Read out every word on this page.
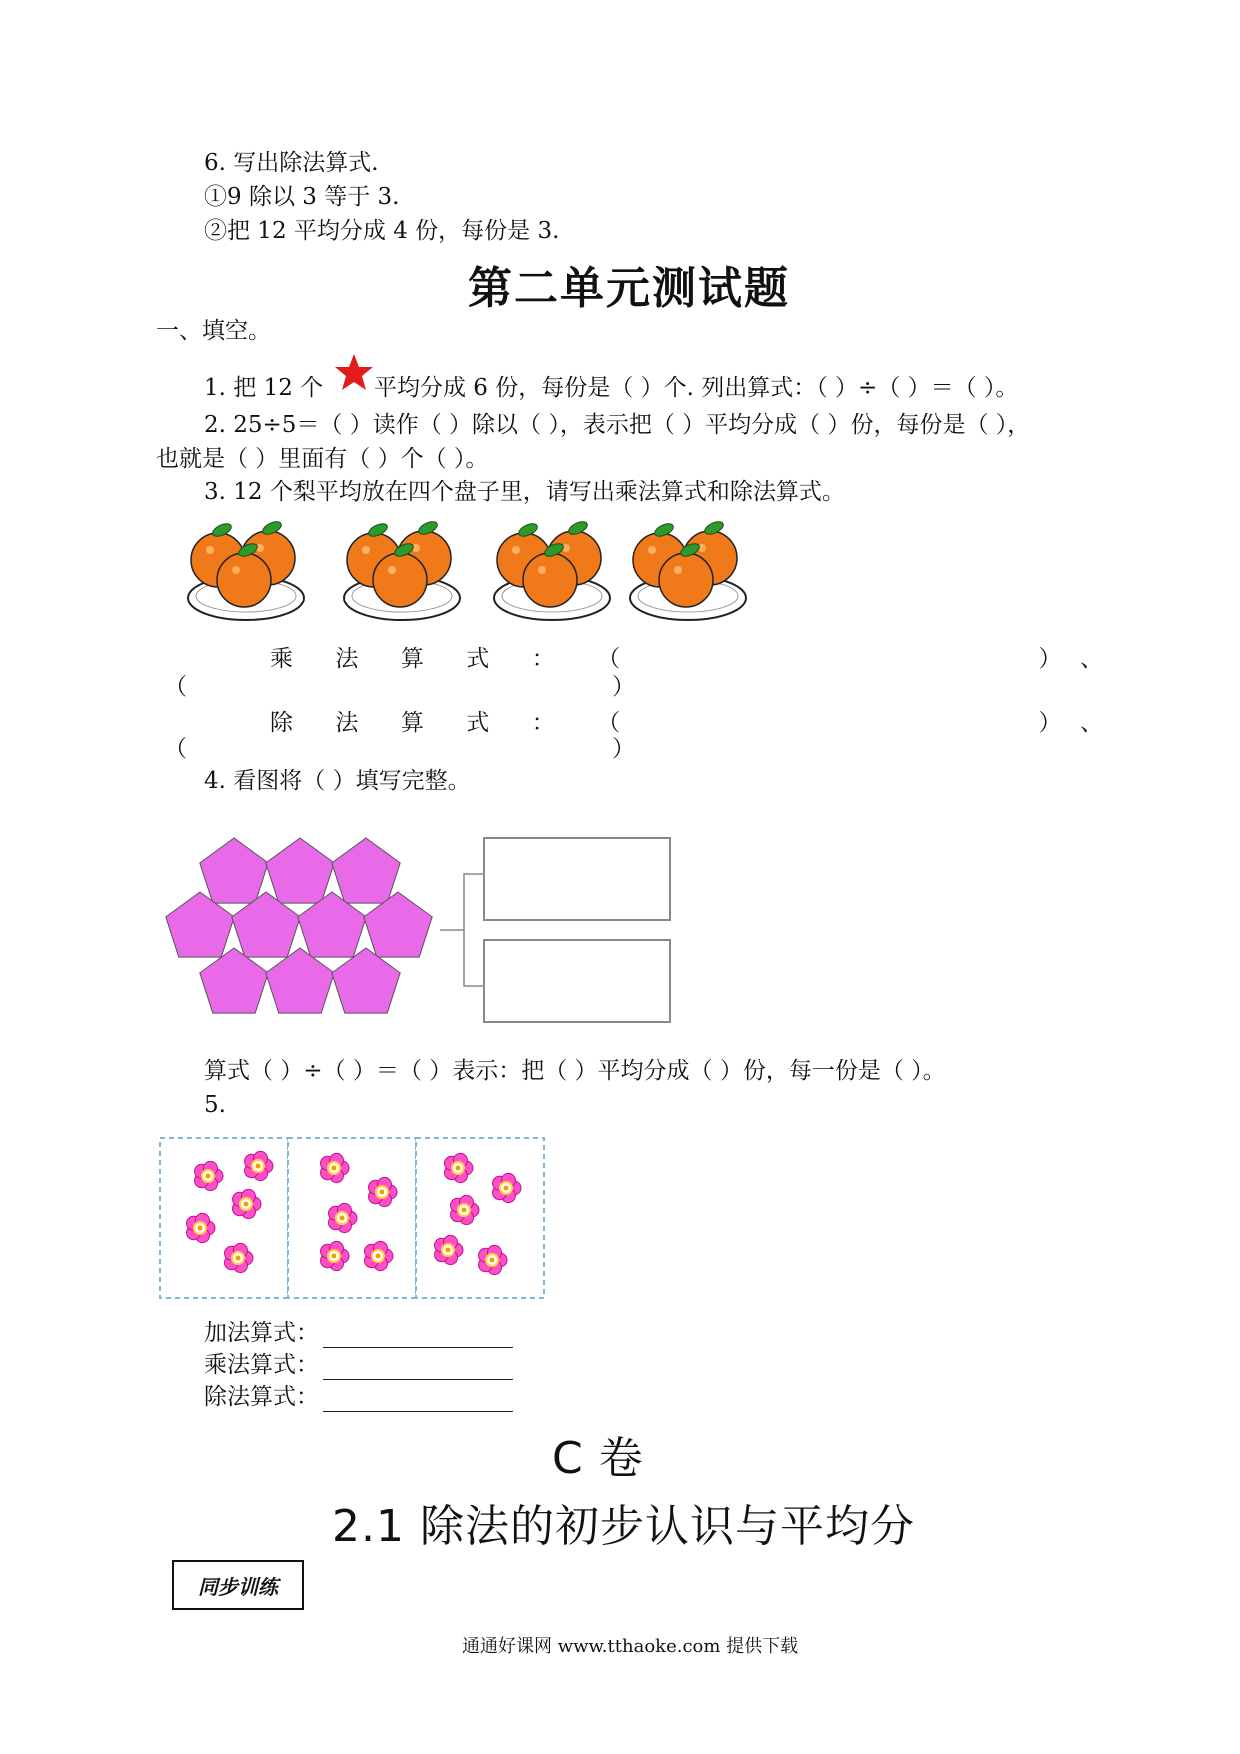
6. 写出除法算式.
①9 除以 3 等于 3.
②把 12 平均分成 4 份，每份是 3.
第二单元测试题
一、填空。
1. 把 12 个 平均分成 6 份，每份是（ ）个. 列出算式：（ ）÷（ ）＝（ ）。
2. 25÷5＝（ ）读作（ ）除以（ ），表示把（ ）平均分成（ ）份，每份是（ ），
也就是（ ）里面有（ ）个（ ）。
3. 12 个梨平均放在四个盘子里，请写出乘法算式和除法算式。
乘	法	算	式	：	（	） 、
（	）
除	法	算	式	：	（	） 、
（	）
4. 看图将（ ）填写完整。
算式（ ）÷（ ）＝（ ）表示：把（ ）平均分成（ ）份，每一份是（ ）。
5.
加法算式：
乘法算式：
除法算式：
C 卷
2.1 除法的初步认识与平均分
同步训练
通通好课网 www.tthaoke.com 提供下载
